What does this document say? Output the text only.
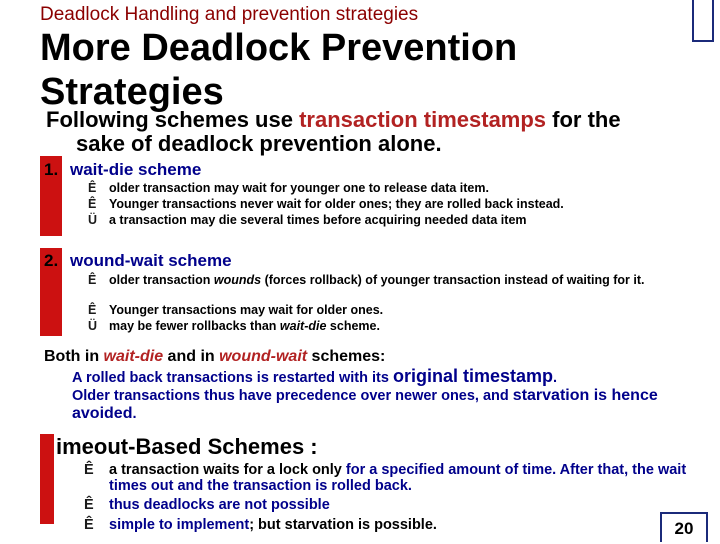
Deadlock Handling and prevention strategies
More Deadlock Prevention
Strategies
Following schemes use transaction timestamps for the
sake of deadlock prevention alone.
1. wait-die scheme
Ê	older transaction may wait for younger one to release data item.
Ê	Younger transactions never wait for older ones; they are rolled back instead.
Ü a transaction may die several times before acquiring needed data item
2. wound-wait scheme
Ê	older transaction wounds (forces rollback) of younger transaction instead of waiting for it.
Ê	Younger transactions may wait for older ones.
Ü may be fewer rollbacks than wait-die scheme.
Both in wait-die and in wound-wait schemes:
A rolled back transactions is restarted with its original timestamp.
Older transactions thus have precedence over newer ones, and starvation is hence avoided.
imeout-Based Schemes :
Ê a transaction waits for a lock only for a specified amount of time. After that, the wait times out and the transaction is rolled back.
Ê thus deadlocks are not possible
Ê simple to implement; but starvation is possible.	20
